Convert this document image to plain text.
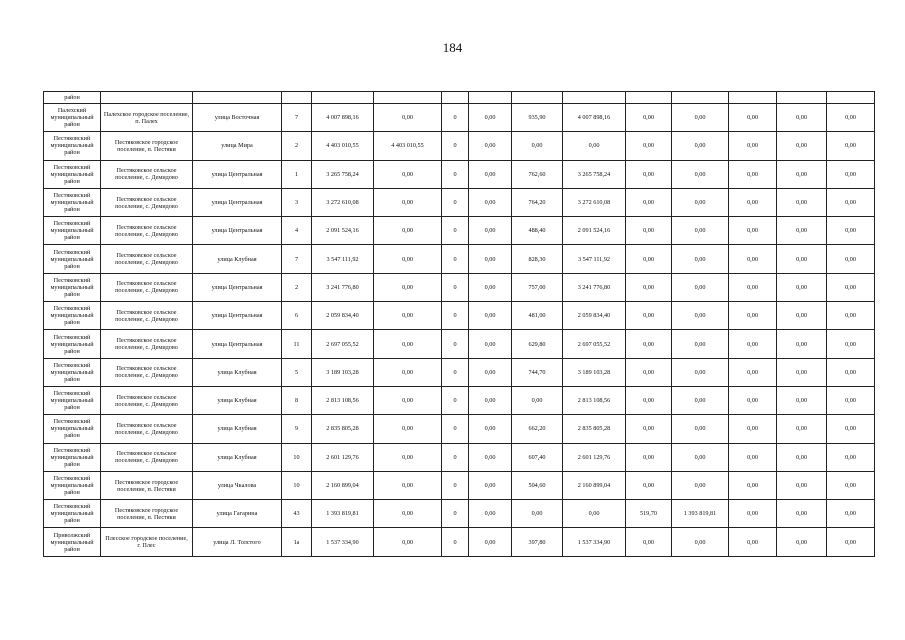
184
район														
Палехский муниципальный район	Палехское городское поселение, п. Палех	улица Восточная	7	4 007 898,16	0,00	0	0,00	935,90	4 007 898,16	0,00	0,00	0,00	0,00	0,00
Пестяковский муниципальный район	Пестяковское городское поселение, п. Пестяки	улица Мира	2	4 403 010,55	4 403 010,55	0	0,00	0,00	0,00	0,00	0,00	0,00	0,00	0,00
Пестяковский муниципальный район	Пестяковское сельское поселение, с. Демидово	улица Центральная	1	3 265 758,24	0,00	0	0,00	762,60	3 265 758,24	0,00	0,00	0,00	0,00	0,00
Пестяковский муниципальный район	Пестяковское сельское поселение, с. Демидово	улица Центральная	3	3 272 610,08	0,00	0	0,00	764,20	3 272 610,08	0,00	0,00	0,00	0,00	0,00
Пестяковский муниципальный район	Пестяковское сельское поселение, с. Демидово	улица Центральная	4	2 091 524,16	0,00	0	0,00	488,40	2 091 524,16	0,00	0,00	0,00	0,00	0,00
Пестяковский муниципальный район	Пестяковское сельское поселение, с. Демидово	улица Клубная	7	3 547 111,92	0,00	0	0,00	828,30	3 547 111,92	0,00	0,00	0,00	0,00	0,00
Пестяковский муниципальный район	Пестяковское сельское поселение, с. Демидово	улица Центральная	2	3 241 776,80	0,00	0	0,00	757,00	3 241 776,80	0,00	0,00	0,00	0,00	0,00
Пестяковский муниципальный район	Пестяковское сельское поселение, с. Демидово	улица Центральная	6	2 059 834,40	0,00	0	0,00	481,00	2 059 834,40	0,00	0,00	0,00	0,00	0,00
Пестяковский муниципальный район	Пестяковское сельское поселение, с. Демидово	улица Центральная	11	2 697 055,52	0,00	0	0,00	629,80	2 697 055,52	0,00	0,00	0,00	0,00	0,00
Пестяковский муниципальный район	Пестяковское сельское поселение, с. Демидово	улица Клубная	5	3 189 103,28	0,00	0	0,00	744,70	3 189 103,28	0,00	0,00	0,00	0,00	0,00
Пестяковский муниципальный район	Пестяковское сельское поселение, с. Демидово	улица Клубная	8	2 813 108,56	0,00	0	0,00	0,00	2 813 108,56	0,00	0,00	0,00	0,00	0,00
Пестяковский муниципальный район	Пестяковское сельское поселение, с. Демидово	улица Клубная	9	2 835 805,28	0,00	0	0,00	662,20	2 835 805,28	0,00	0,00	0,00	0,00	0,00
Пестяковский муниципальный район	Пестяковское сельское поселение, с. Демидово	улица Клубная	10	2 601 129,76	0,00	0	0,00	607,40	2 601 129,76	0,00	0,00	0,00	0,00	0,00
Пестяковский муниципальный район	Пестяковское городское поселение, п. Пестяки	улица Чкалова	10	2 160 899,04	0,00	0	0,00	504,60	2 160 899,04	0,00	0,00	0,00	0,00	0,00
Пестяковский муниципальный район	Пестяковское городское поселение, п. Пестяки	улица Гагарина	43	1 393 819,81	0,00	0	0,00	0,00	0,00	519,70	1 393 819,81	0,00	0,00	0,00
Приволжский муниципальный район	Плесское городское поселение, г. Плес	улица Л. Толстого	1а	1 537 334,90	0,00	0	0,00	397,80	1 537 334,90	0,00	0,00	0,00	0,00	0,00
